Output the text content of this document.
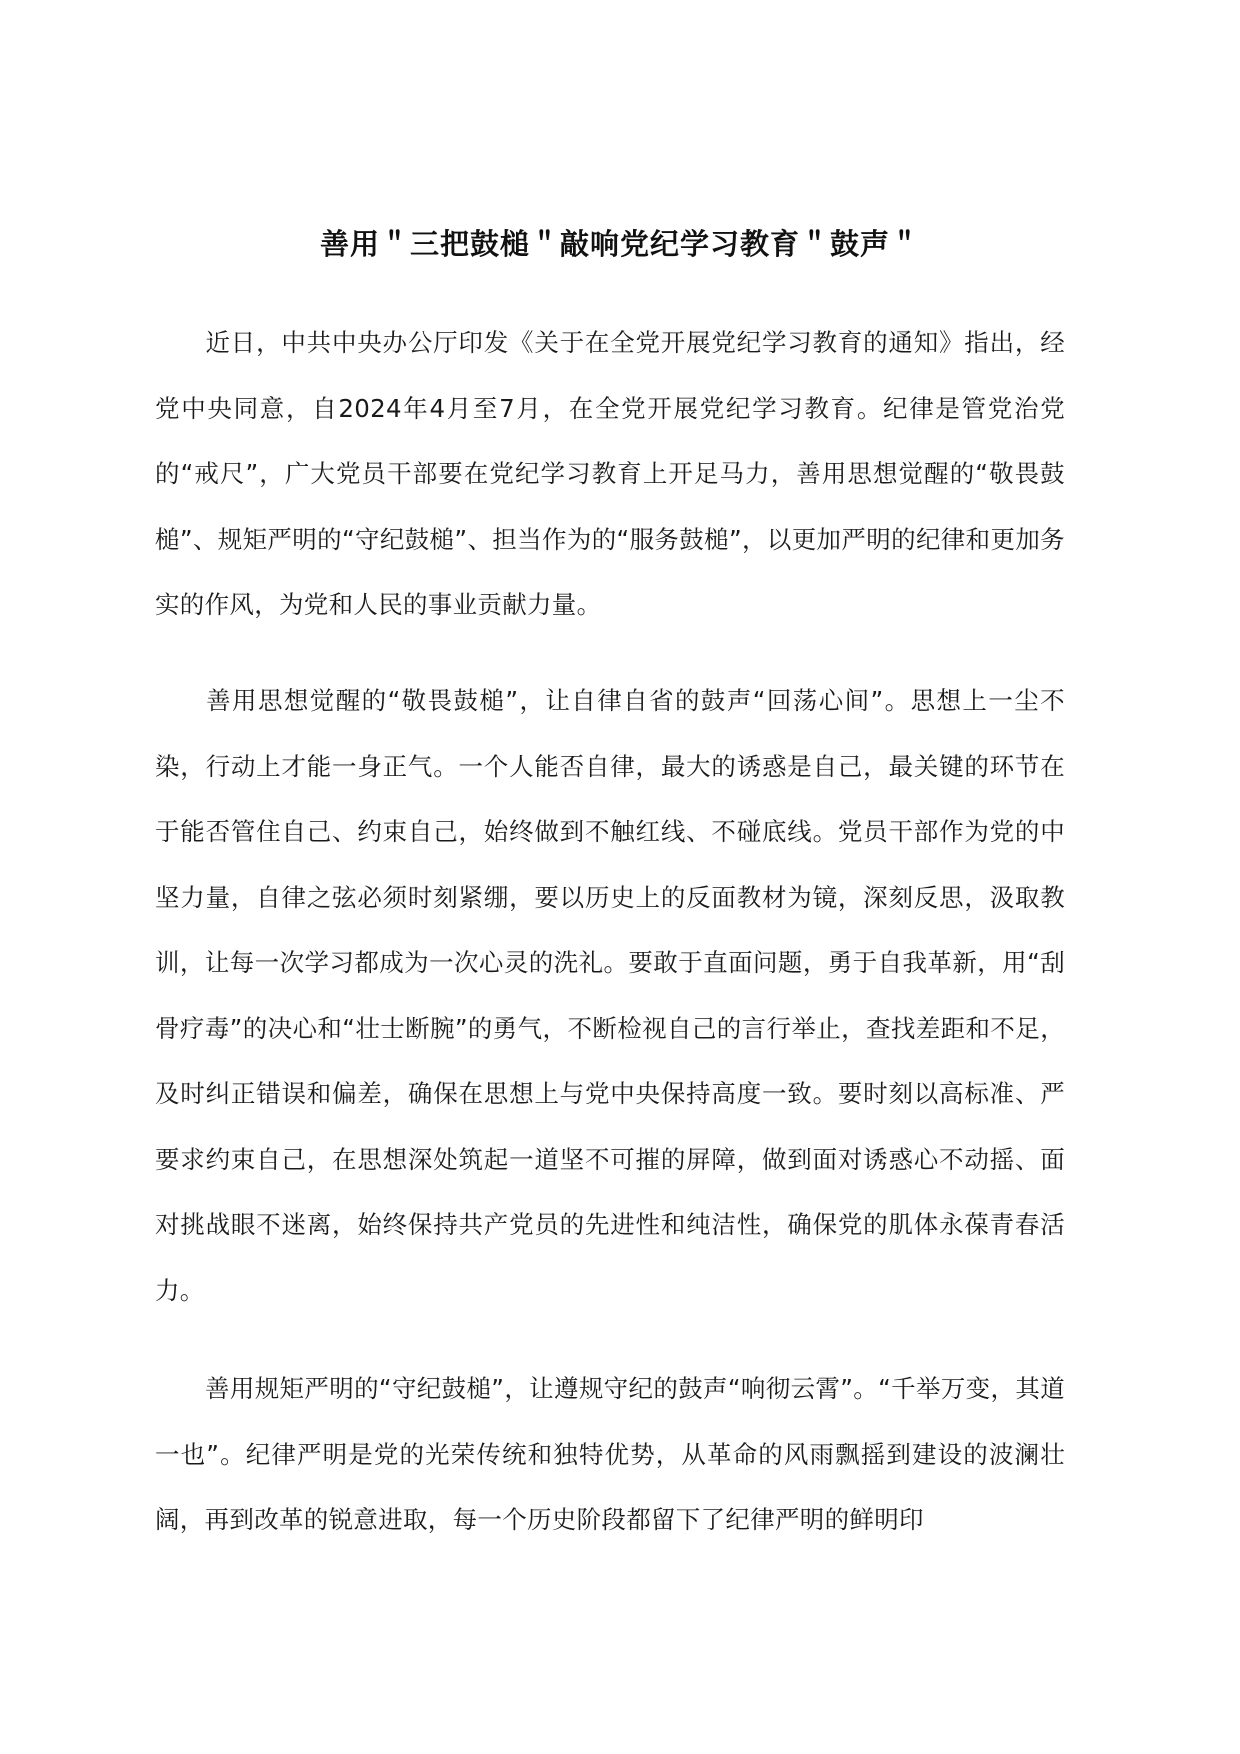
善用＂三把鼓槌＂敲响党纪学习教育＂鼓声＂

近日，中共中央办公厅印发《关于在全党开展党纪学习教育的通知》指出，经党中央同意，自2024年4月至7月，在全党开展党纪学习教育。纪律是管党治党的“戒尺”，广大党员干部要在党纪学习教育上开足马力，善用思想觉醒的“敬畏鼓槌”、规矩严明的“守纪鼓槌”、担当作为的“服务鼓槌”，以更加严明的纪律和更加务实的作风，为党和人民的事业贡献力量。

善用思想觉醒的“敬畏鼓槌”，让自律自省的鼓声“回荡心间”。思想上一尘不染，行动上才能一身正气。一个人能否自律，最大的诱惑是自己，最关键的环节在于能否管住自己、约束自己，始终做到不触红线、不碰底线。党员干部作为党的中坚力量，自律之弦必须时刻紧绷，要以历史上的反面教材为镜，深刻反思，汲取教训，让每一次学习都成为一次心灵的洗礼。要敢于直面问题，勇于自我革新，用“刮骨疗毒”的决心和“壮士断腕”的勇气，不断检视自己的言行举止，查找差距和不足，及时纠正错误和偏差，确保在思想上与党中央保持高度一致。要时刻以高标准、严要求约束自己，在思想深处筑起一道坚不可摧的屏障，做到面对诱惑心不动摇、面对挑战眼不迷离，始终保持共产党员的先进性和纯洁性，确保党的肌体永葆青春活力。

善用规矩严明的“守纪鼓槌”，让遵规守纪的鼓声“响彻云霄”。“千举万变，其道一也”。纪律严明是党的光荣传统和独特优势，从革命的风雨飘摇到建设的波澜壮阔，再到改革的锐意进取，每一个历史阶段都留下了纪律严明的鲜明印
